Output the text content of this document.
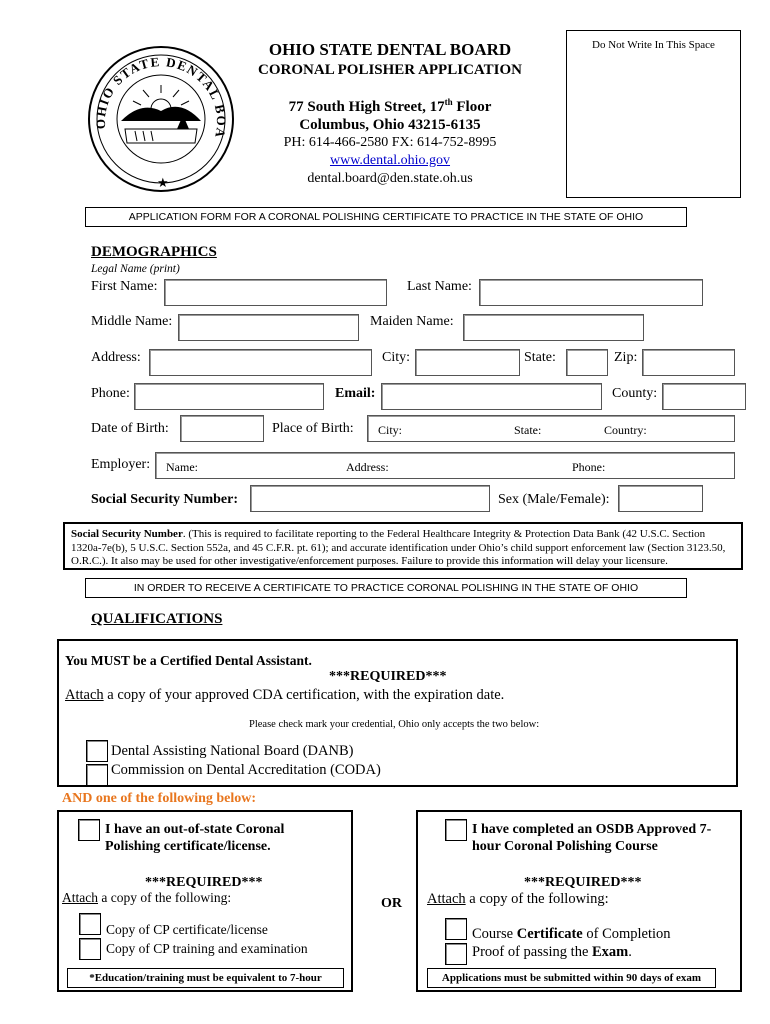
OHIO STATE DENTAL BOA
★
OHIO STATE DENTAL BOARD
CORONAL POLISHER APPLICATION
77 South High Street, 17th Floor
Columbus, Ohio 43215-6135
PH: 614-466-2580 FX: 614-752-8995
www.dental.ohio.gov
dental.board@den.state.oh.us
Do Not Write In This Space
APPLICATION FORM FOR A CORONAL POLISHING CERTIFICATE TO PRACTICE IN THE STATE OF OHIO
DEMOGRAPHICS
Legal Name (print)
First Name:	Last Name:
Middle Name:	Maiden Name:
Address:	City:	State:	Zip:
Phone:	Email:	County:
Date of Birth:	Place of Birth: City:	State:	Country:
Employer: Name:	Address:	Phone:
Social Security Number:	Sex (Male/Female):
Social Security Number. (This is required to facilitate reporting to the Federal Healthcare Integrity & Protection Data Bank (42 U.S.C. Section 1320a-7e(b), 5 U.S.C. Section 552a, and 45 C.F.R. pt. 61); and accurate identification under Ohio’s child support enforcement law (Section 3123.50, O.R.C.). It also may be used for other investigative/enforcement purposes. Failure to provide this information will delay your licensure.
IN ORDER TO RECEIVE A CERTIFICATE TO PRACTICE CORONAL POLISHING IN THE STATE OF OHIO
QUALIFICATIONS
You MUST be a Certified Dental Assistant.
***REQUIRED***
Attach a copy of your approved CDA certification, with the expiration date.
Please check mark your credential, Ohio only accepts the two below:
Dental Assisting National Board (DANB)
Commission on Dental Accreditation (CODA)
AND one of the following below:
I have an out-of-state Coronal Polishing certificate/license.
***REQUIRED***
Attach a copy of the following:
Copy of CP certificate/license
Copy of CP training and examination
*Education/training must be equivalent to 7-hour
OR
I have completed an OSDB Approved 7-hour Coronal Polishing Course
***REQUIRED***
Attach a copy of the following:
Course Certificate of Completion
Proof of passing the Exam.
Applications must be submitted within 90 days of exam
